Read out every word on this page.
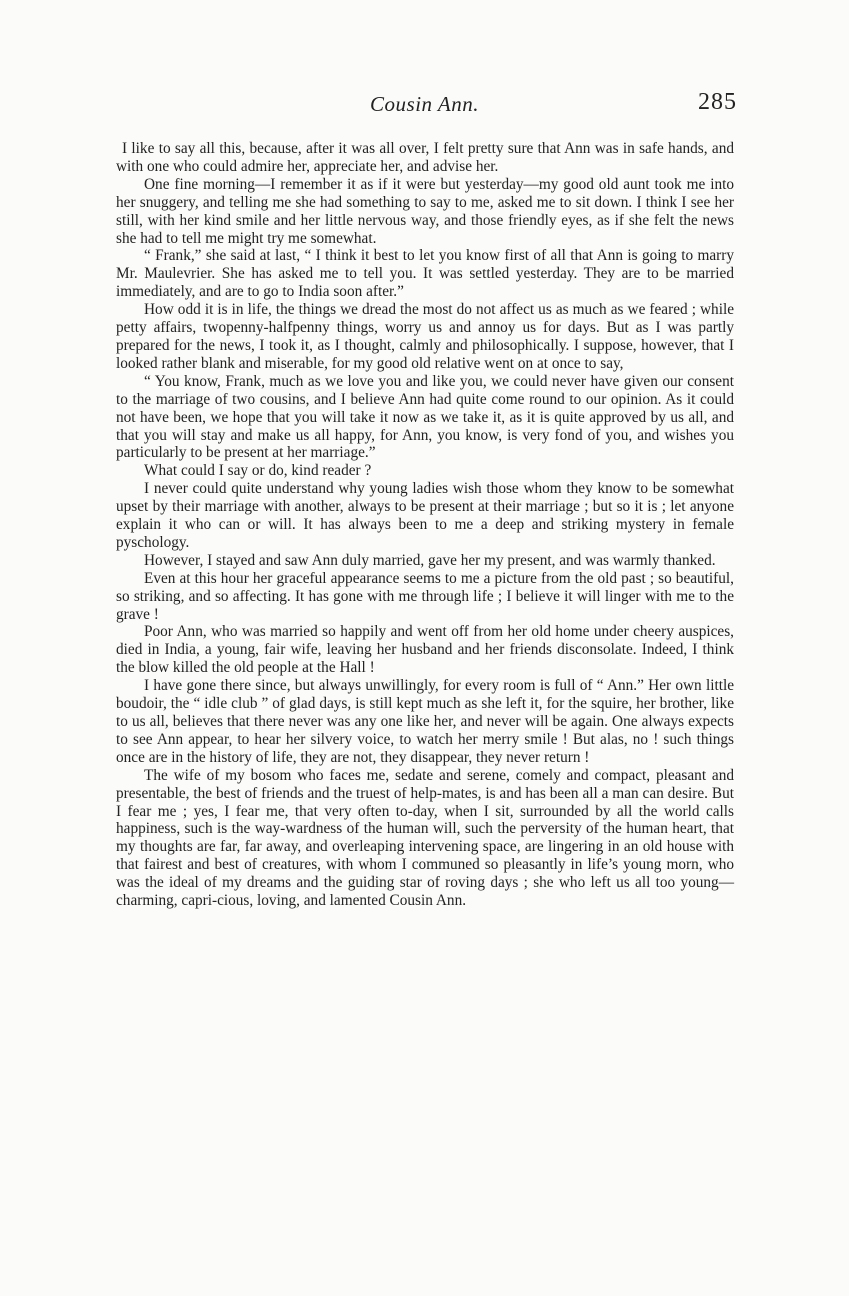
Cousin Ann.	285

I like to say all this, because, after it was all over, I felt pretty sure that Ann was in safe hands, and with one who could admire her, appreciate her, and advise her.

One fine morning—I remember it as if it were but yesterday—my good old aunt took me into her snuggery, and telling me she had something to say to me, asked me to sit down. I think I see her still, with her kind smile and her little nervous way, and those friendly eyes, as if she felt the news she had to tell me might try me somewhat.

“ Frank,” she said at last, “ I think it best to let you know first of all that Ann is going to marry Mr. Maulevrier. She has asked me to tell you. It was settled yesterday. They are to be married immediately, and are to go to India soon after.”

How odd it is in life, the things we dread the most do not affect us as much as we feared ; while petty affairs, twopenny-halfpenny things, worry us and annoy us for days. But as I was partly prepared for the news, I took it, as I thought, calmly and philosophically. I suppose, however, that I looked rather blank and miserable, for my good old relative went on at once to say,

“ You know, Frank, much as we love you and like you, we could never have given our consent to the marriage of two cousins, and I believe Ann had quite come round to our opinion. As it could not have been, we hope that you will take it now as we take it, as it is quite approved by us all, and that you will stay and make us all happy, for Ann, you know, is very fond of you, and wishes you particularly to be present at her marriage.”

What could I say or do, kind reader ?

I never could quite understand why young ladies wish those whom they know to be somewhat upset by their marriage with another, always to be present at their marriage ; but so it is ; let anyone explain it who can or will. It has always been to me a deep and striking mystery in female pyschology.

However, I stayed and saw Ann duly married, gave her my present, and was warmly thanked.

Even at this hour her graceful appearance seems to me a picture from the old past ; so beautiful, so striking, and so affecting. It has gone with me through life ; I believe it will linger with me to the grave !

Poor Ann, who was married so happily and went off from her old home under cheery auspices, died in India, a young, fair wife, leaving her husband and her friends disconsolate. Indeed, I think the blow killed the old people at the Hall !

I have gone there since, but always unwillingly, for every room is full of “ Ann.” Her own little boudoir, the “ idle club ” of glad days, is still kept much as she left it, for the squire, her brother, like to us all, believes that there never was any one like her, and never will be again. One always expects to see Ann appear, to hear her silvery voice, to watch her merry smile ! But alas, no ! such things once are in the history of life, they are not, they disappear, they never return !

The wife of my bosom who faces me, sedate and serene, comely and compact, pleasant and presentable, the best of friends and the truest of help-mates, is and has been all a man can desire. But I fear me ; yes, I fear me, that very often to-day, when I sit, surrounded by all the world calls happiness, such is the way-wardness of the human will, such the perversity of the human heart, that my thoughts are far, far away, and overleaping intervening space, are lingering in an old house with that fairest and best of creatures, with whom I communed so pleasantly in life’s young morn, who was the ideal of my dreams and the guiding star of roving days ; she who left us all too young—charming, capri-cious, loving, and lamented Cousin Ann.
